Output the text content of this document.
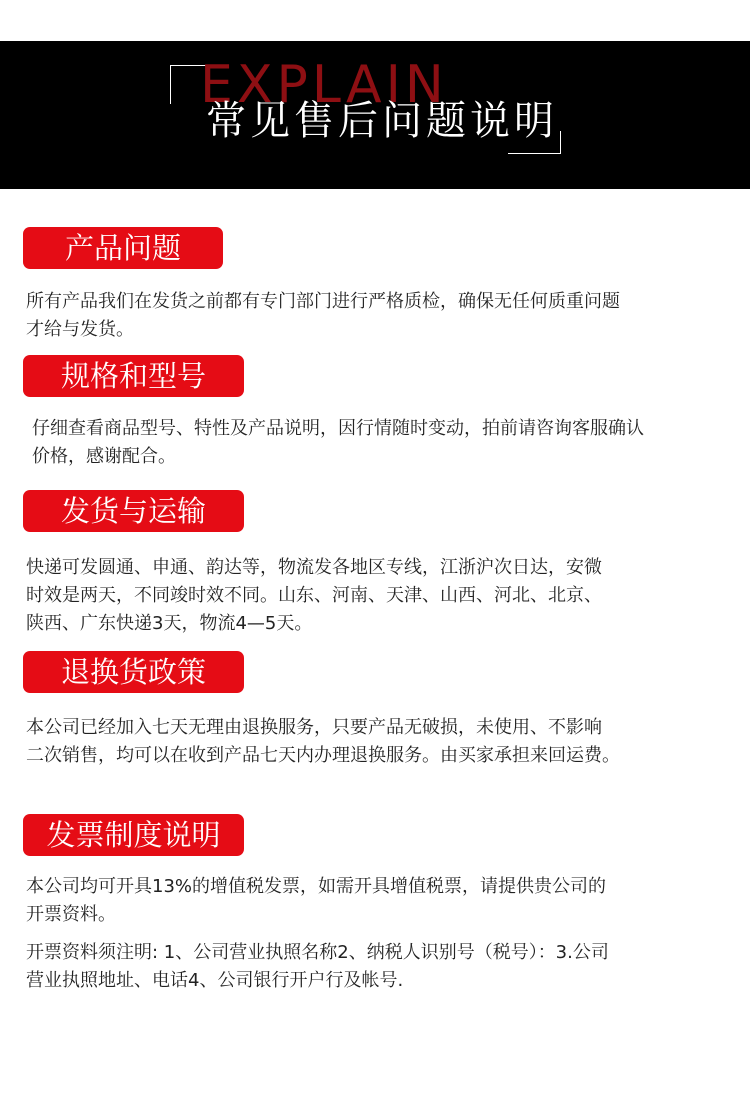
EXPLAIN
常见售后问题说明
产品问题

所有产品我们在发货之前都有专门部门进行严格质检，确保无任何质重问题
才给与发货。

规格和型号

仔细查看商品型号、特性及产品说明，因行情随时变动，拍前请咨询客服确认
价格，感谢配合。

发货与运输

快递可发圆通、申通、韵达等，物流发各地区专线，江浙沪次日达，安微
时效是两天，不同竣时效不同。山东、河南、天津、山西、河北、北京、
陕西、广东快递3天，物流4—5天。

退换货政策

本公司已经加入七天无理由退换服务，只要产品无破损，未使用、不影响
二次销售，均可以在收到产品七天内办理退换服务。由买家承担来回运费。

发票制度说明

本公司均可开具13%的增值税发票，如需开具增值税票，请提供贵公司的
开票资料。

开票资料须注明: 1、公司营业执照名称2、纳税人识别号（税号）：3.公司
营业执照地址、电话4、公司银行开户行及帐号.
